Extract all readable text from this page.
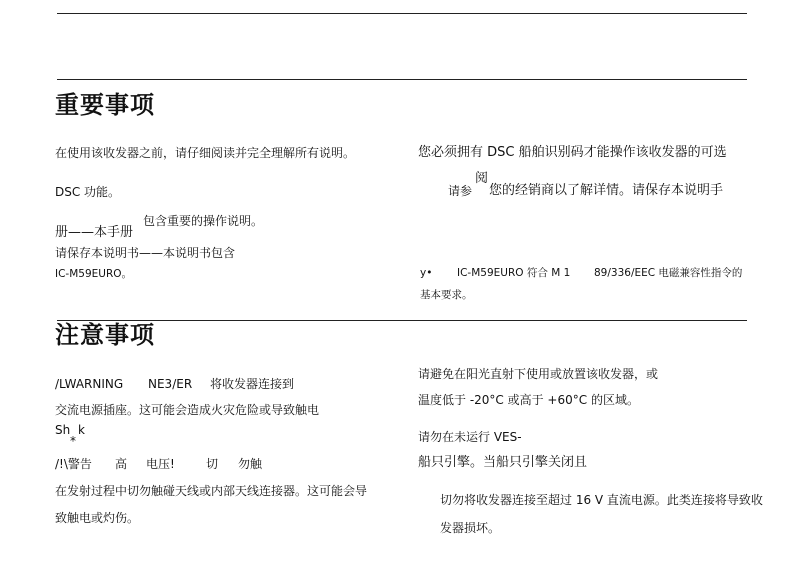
重要事项
在使用该收发器之前，请仔细阅读并完全理解所有说明。
DSC 功能。
册——本手册
包含重要的操作说明。
请保存本说明书——本说明书包含
IC-M59EURO。
您必须拥有 DSC 船舶识别码才能操作该收发器的可选
请参
阅
您的经销商以了解详情。请保存本说明手
y• IC-M59EURO 符合 M 1 89/336/EEC 电磁兼容性指令的
基本要求。
注意事项
/LWARNING NE3/ER 将收发器连接到
交流电源插座。这可能会造成火灾危险或导致触电
Sh k
*
/!\警告 高 电压!	切 勿触
在发射过程中切勿触碰天线或内部天线连接器。这可能会导
致触电或灼伤。
请避免在阳光直射下使用或放置该收发器，或
温度低于 -20°C 或高于 +60°C 的区域。
请勿在未运行 VES-
船只引擎。当船只引擎关闭且
切勿将收发器连接至超过 16 V 直流电源。此类连接将导致收
发器损坏。
